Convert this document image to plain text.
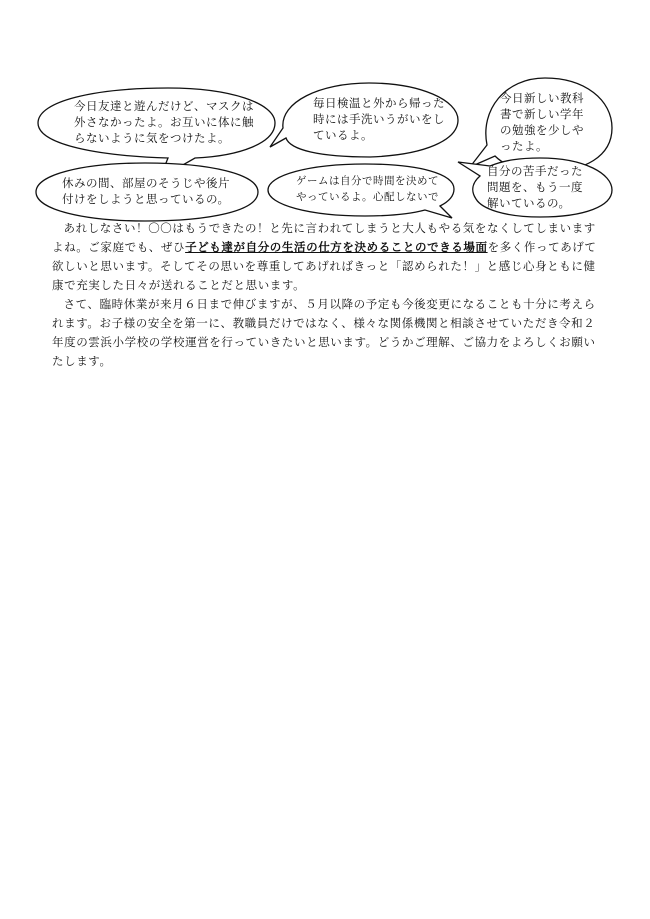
今日友達と遊んだけど、マスクは
外さなかったよ。お互いに体に触
らないように気をつけたよ。
毎日検温と外から帰った
時には手洗いうがいをし
ているよ。
今日新しい教科
書で新しい学年
の勉強を少しや
ったよ。
休みの間、部屋のそうじや後片
付けをしようと思っているの。
ゲームは自分で時間を決めて
やっているよ。心配しないで
自分の苦手だった
問題を、もう一度
解いているの。

あれしなさい！〇〇はもうできたの！と先に言われてしまうと大人もやる気をなくしてしまいますよね。ご家庭でも、ぜひ子ども達が自分の生活の仕方を決めることのできる場面を多く作ってあげて欲しいと思います。そしてその思いを尊重してあげればきっと「認められた！」と感じ心身ともに健康で充実した日々が送れることだと思います。

さて、臨時休業が来月６日まで伸びますが、５月以降の予定も今後変更になることも十分に考えられます。お子様の安全を第一に、教職員だけではなく、様々な関係機関と相談させていただき令和２年度の雲浜小学校の学校運営を行っていきたいと思います。どうかご理解、ご協力をよろしくお願いたします。
